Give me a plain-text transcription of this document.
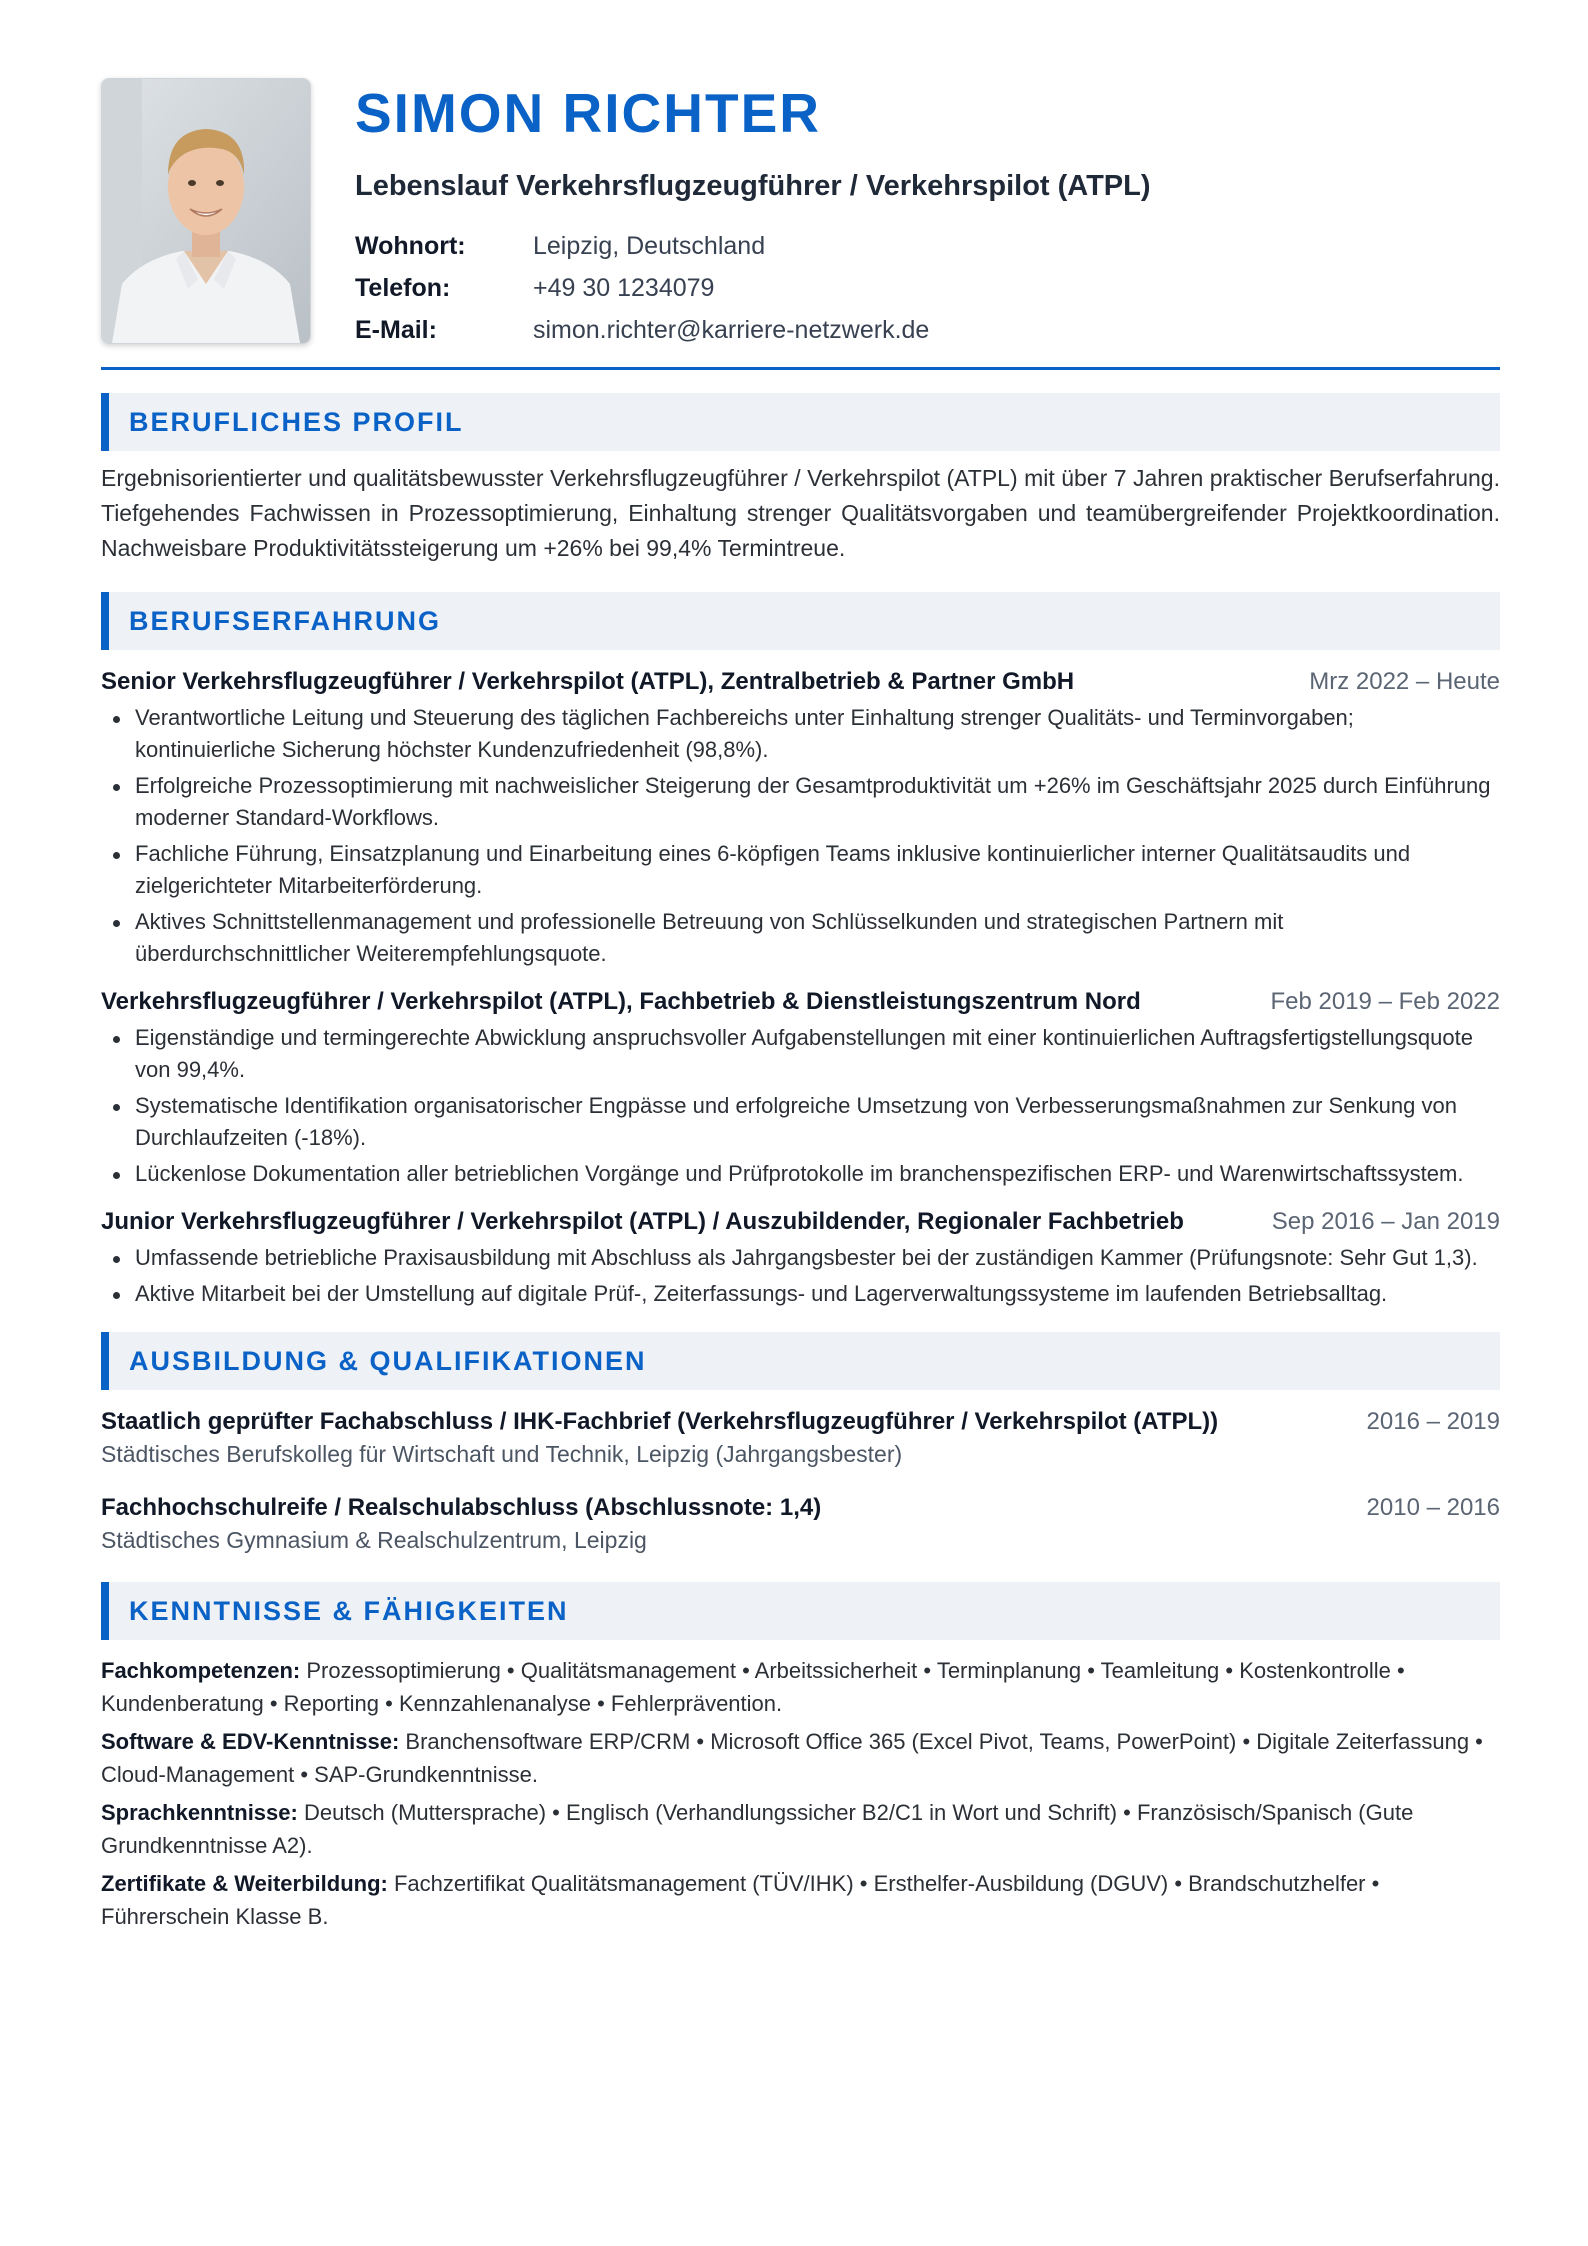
SIMON RICHTER
Lebenslauf Verkehrsflugzeugführer / Verkehrspilot (ATPL)
Wohnort:	Leipzig, Deutschland
Telefon:	+49 30 1234079
E-Mail:	simon.richter@karriere-netzwerk.de
BERUFLICHES PROFIL
Ergebnisorientierter und qualitätsbewusster Verkehrsflugzeugführer / Verkehrspilot (ATPL) mit über 7 Jahren praktischer Berufserfahrung. Tiefgehendes Fachwissen in Prozessoptimierung, Einhaltung strenger Qualitätsvorgaben und teamübergreifender Projektkoordination. Nachweisbare Produktivitätssteigerung um +26% bei 99,4% Termintreue.
BERUFSERFAHRUNG
Senior Verkehrsflugzeugführer / Verkehrspilot (ATPL), Zentralbetrieb & Partner GmbH	Mrz 2022 – Heute
Verantwortliche Leitung und Steuerung des täglichen Fachbereichs unter Einhaltung strenger Qualitäts- und Terminvorgaben; kontinuierliche Sicherung höchster Kundenzufriedenheit (98,8%).
Erfolgreiche Prozessoptimierung mit nachweislicher Steigerung der Gesamtproduktivität um +26% im Geschäftsjahr 2025 durch Einführung moderner Standard-Workflows.
Fachliche Führung, Einsatzplanung und Einarbeitung eines 6-köpfigen Teams inklusive kontinuierlicher interner Qualitätsaudits und zielgerichteter Mitarbeiterförderung.
Aktives Schnittstellenmanagement und professionelle Betreuung von Schlüsselkunden und strategischen Partnern mit überdurchschnittlicher Weiterempfehlungsquote.
Verkehrsflugzeugführer / Verkehrspilot (ATPL), Fachbetrieb & Dienstleistungszentrum Nord	Feb 2019 – Feb 2022
Eigenständige und termingerechte Abwicklung anspruchsvoller Aufgabenstellungen mit einer kontinuierlichen Auftragsfertigstellungsquote von 99,4%.
Systematische Identifikation organisatorischer Engpässe und erfolgreiche Umsetzung von Verbesserungsmaßnahmen zur Senkung von Durchlaufzeiten (-18%).
Lückenlose Dokumentation aller betrieblichen Vorgänge und Prüfprotokolle im branchenspezifischen ERP- und Warenwirtschaftssystem.
Junior Verkehrsflugzeugführer / Verkehrspilot (ATPL) / Auszubildender, Regionaler Fachbetrieb	Sep 2016 – Jan 2019
Umfassende betriebliche Praxisausbildung mit Abschluss als Jahrgangsbester bei der zuständigen Kammer (Prüfungsnote: Sehr Gut 1,3).
Aktive Mitarbeit bei der Umstellung auf digitale Prüf-, Zeiterfassungs- und Lagerverwaltungssysteme im laufenden Betriebsalltag.
AUSBILDUNG & QUALIFIKATIONEN
Staatlich geprüfter Fachabschluss / IHK-Fachbrief (Verkehrsflugzeugführer / Verkehrspilot (ATPL))	2016 – 2019
Städtisches Berufskolleg für Wirtschaft und Technik, Leipzig (Jahrgangsbester)
Fachhochschulreife / Realschulabschluss (Abschlussnote: 1,4)	2010 – 2016
Städtisches Gymnasium & Realschulzentrum, Leipzig
KENNTNISSE & FÄHIGKEITEN
Fachkompetenzen: Prozessoptimierung • Qualitätsmanagement • Arbeitssicherheit • Terminplanung • Teamleitung • Kostenkontrolle • Kundenberatung • Reporting • Kennzahlenanalyse • Fehlerprävention.
Software & EDV-Kenntnisse: Branchensoftware ERP/CRM • Microsoft Office 365 (Excel Pivot, Teams, PowerPoint) • Digitale Zeiterfassung • Cloud-Management • SAP-Grundkenntnisse.
Sprachkenntnisse: Deutsch (Muttersprache) • Englisch (Verhandlungssicher B2/C1 in Wort und Schrift) • Französisch/Spanisch (Gute Grundkenntnisse A2).
Zertifikate & Weiterbildung: Fachzertifikat Qualitätsmanagement (TÜV/IHK) • Ersthelfer-Ausbildung (DGUV) • Brandschutzhelfer • Führerschein Klasse B.
